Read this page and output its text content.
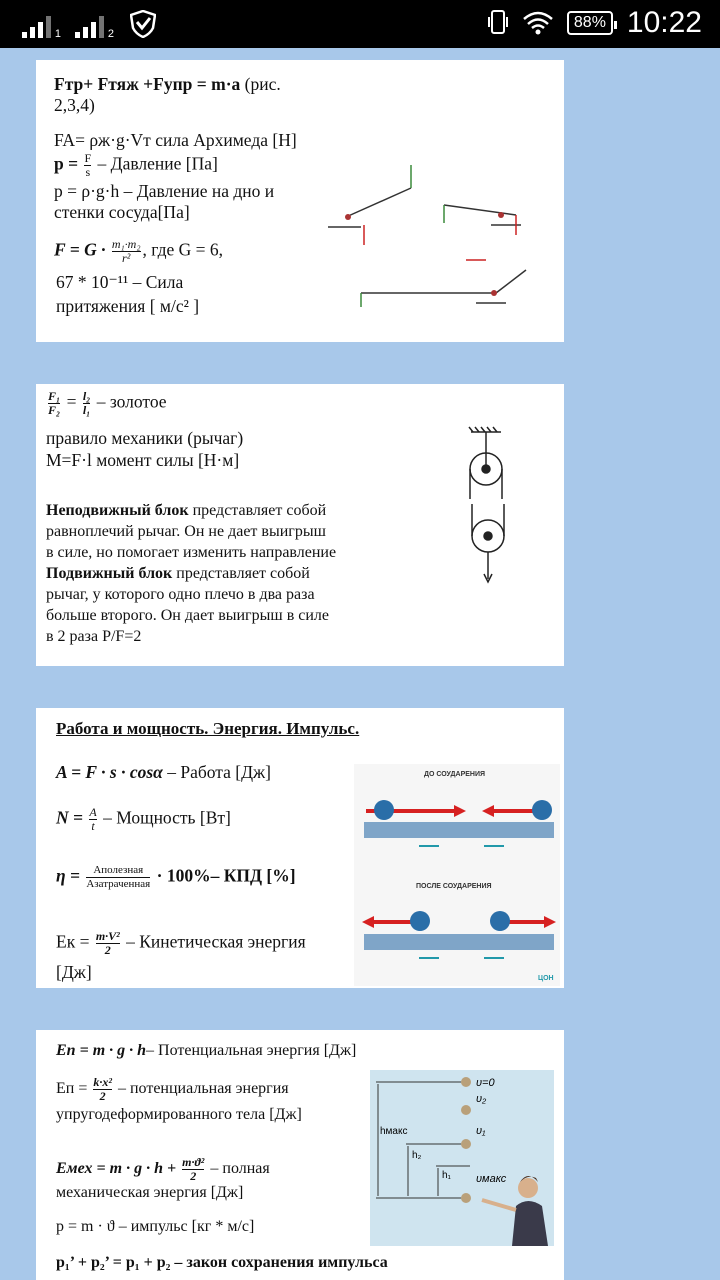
1	2
88% 10:22
Fтр+ Fтяж +Fупр = m·a (рис.
2,3,4)
FA= ρж·g·Vт сила Архимеда [Н]
$p = \frac{F}{s}$ – Давление [Па]
p = ρ·g·h – Давление на дно и
стенки сосуда[Па]
$F = G \cdot \frac{\text{m₁·m₂}}{\text{r²}}$ , где G = 6,
67 * 10⁻¹¹ – Сила
притяжения [ м/с² ]
$\frac{\text{F₁}}{\text{F₂}} = \frac{\text{l₂}}{\text{l₁}}$ – золотое
правило механики (рычаг)
M=F·l момент силы [Н·м]
Неподвижный блок представляет собой
равноплечий рычаг. Он не дает выигрыш
в силе, но помогает изменить направление
Подвижный блок представляет собой
рычаг, у которого одно плечо в два раза
больше второго. Он дает выигрыш в силе
в 2 раза P/F=2
Работа и мощность. Энергия. Импульс.
A = F · s · cosα – Работа [Дж]
$N = \frac{A}{t}$ – Мощность [Вт]
$\eta = \frac{\text{Aполезная}}{\text{Aзатраченная}} \cdot 100\%-$ КПД [%]
Eк = $\frac{\text{m·V²}}{2}$ – Кинетическая энергия
[Дж]
ДО СОУДАРЕНИЯ
ПОСЛЕ СОУДАРЕНИЯ
ЦОН
Eп = m · g · h– Потенциальная энергия [Дж]
Eп = $\frac{\text{k·x²}}{2}$ – потенциальная энергия
упругодеформированного тела [Дж]
Eмех = $m \cdot g \cdot h + \frac{\text{m·ϑ²}}{2}$ – полная
механическая энергия [Дж]
p = m · ϑ – импульс [кг * м/с]
p₁’ + p₂’ = p₁ + p₂ – закон сохранения импульса
υ=0
υ₂
υ₁
υмакс
hмакс
h₂
h₁
